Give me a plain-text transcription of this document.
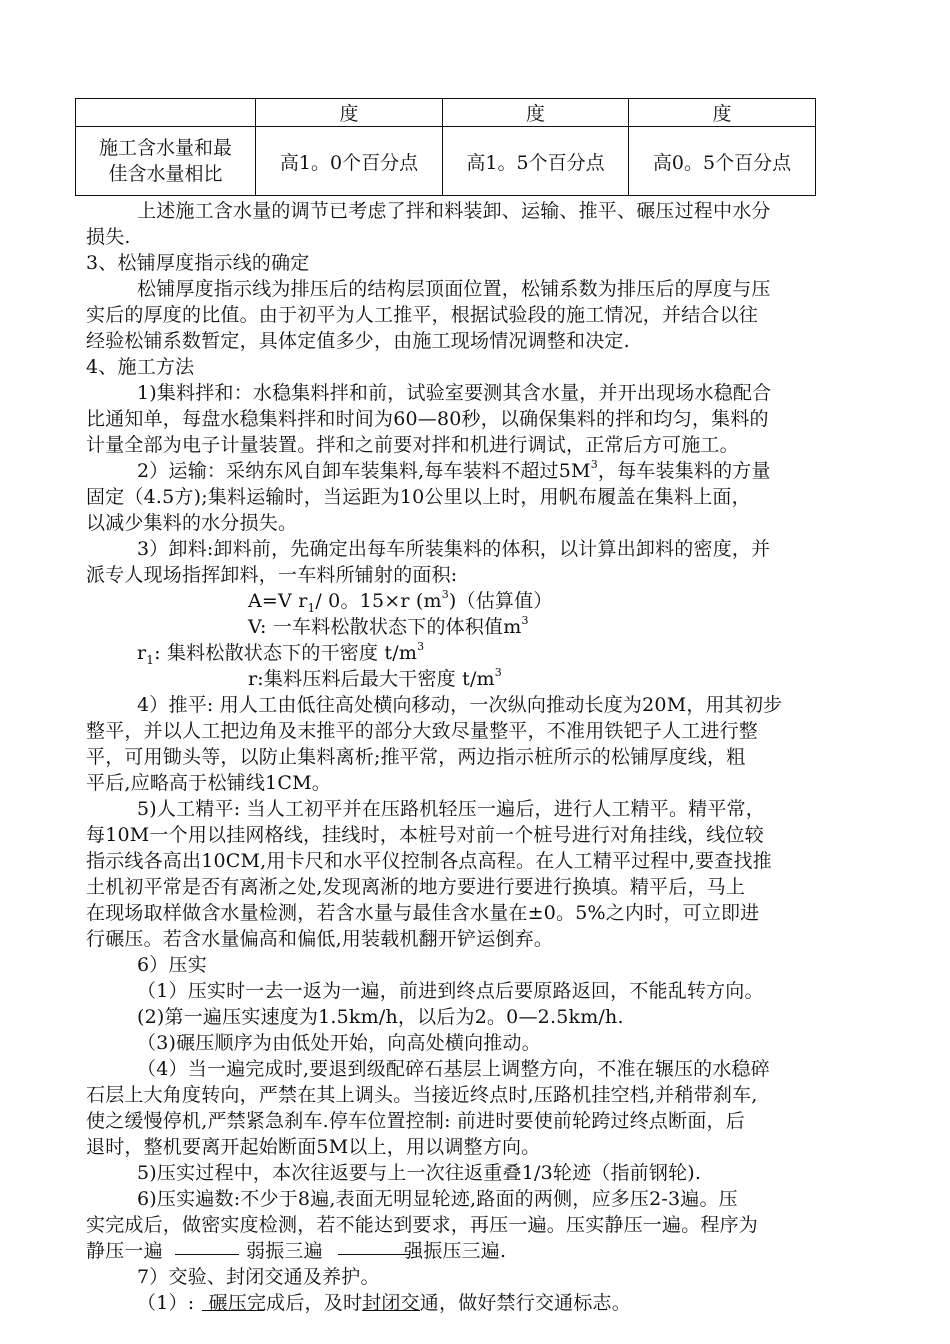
	度	度	度

施工含水量和最
佳含水量相比	高1。0个百分点	高1。5个百分点	高0。5个百分点
上述施工含水量的调节已考虑了拌和料装卸、运输、推平、碾压过程中水分
损失.
3、松铺厚度指示线的确定
松铺厚度指示线为排压后的结构层顶面位置，松铺系数为排压后的厚度与压
实后的厚度的比值。由于初平为人工推平，根据试验段的施工情况，并结合以往
经验松铺系数暂定，具体定值多少，由施工现场情况调整和决定.
4、施工方法
1)集料拌和：水稳集料拌和前，试验室要测其含水量，并开出现场水稳配合
比通知单，每盘水稳集料拌和时间为60—80秒，以确保集料的拌和均匀，集料的
计量全部为电子计量装置。拌和之前要对拌和机进行调试，正常后方可施工。
2）运输：采纳东风自卸车装集料,每车装料不超过$5M^3$，每车装集料的方量
固定（4.5方);集料运输时，当运距为10公里以上时，用帆布履盖在集料上面，
以减少集料的水分损失。
3）卸料:卸料前，先确定出每车所装集料的体积，以计算出卸料的密度，并
派专人现场指挥卸料，一车料所铺射的面积:
A=V $r_1/$ 0。15×r $(m^3)$（估算值）
V: 一车料松散状态下的体积值$m^3$
$r_1$: 集料松散状态下的干密度 $t/m^3$
r:集料压料后最大干密度 $t/m^3$
4）推平: 用人工由低往高处横向移动，一次纵向推动长度为20M，用其初步
整平，并以人工把边角及末推平的部分大致尽量整平，不准用铁钯子人工进行整
平，可用锄头等，以防止集料离析;推平常，两边指示桩所示的松铺厚度线，粗
平后,应略高于松铺线1CM。
5)人工精平: 当人工初平并在压路机轻压一遍后，进行人工精平。精平常，
每10M一个用以挂网格线，挂线时，本桩号对前一个桩号进行对角挂线，线位较
指示线各高出10CM,用卡尺和水平仪控制各点高程。在人工精平过程中,要查找推
土机初平常是否有离淅之处,发现离淅的地方要进行要进行换填。精平后，马上
在现场取样做含水量检测，若含水量与最佳含水量在±0。5%之内时，可立即进
行碾压。若含水量偏高和偏低,用装载机翻开铲运倒弃。
6）压实
（1）压实时一去一返为一遍，前进到终点后要原路返回，不能乱转方向。
(2)第一遍压实速度为1.5km/h，以后为2。0—2.5km/h.
（3)碾压顺序为由低处开始，向高处横向推动。
（4）当一遍完成时,要退到级配碎石基层上调整方向，不准在辗压的水稳碎
石层上大角度转向，严禁在其上调头。当接近终点时,压路机挂空档,并稍带刹车,
使之缓慢停机,严禁紧急刹车.停车位置控制: 前进时要使前轮跨过终点断面，后
退时，整机要离开起始断面5M以上，用以调整方向。
5)压实过程中，本次往返要与上一次往返重叠1/3轮迹（指前钢轮).
6)压实遍数:不少于8遍,表面无明显轮迹,路面的两侧，应多压2-3遍。压
实完成后，做密实度检测，若不能达到要求，再压一遍。压实静压一遍。程序为
静压一遍	弱振三遍	强振压三遍.
7）交验、封闭交通及养护。
（1）: 碾压完成后，及时封闭交通，做好禁行交通标志。
